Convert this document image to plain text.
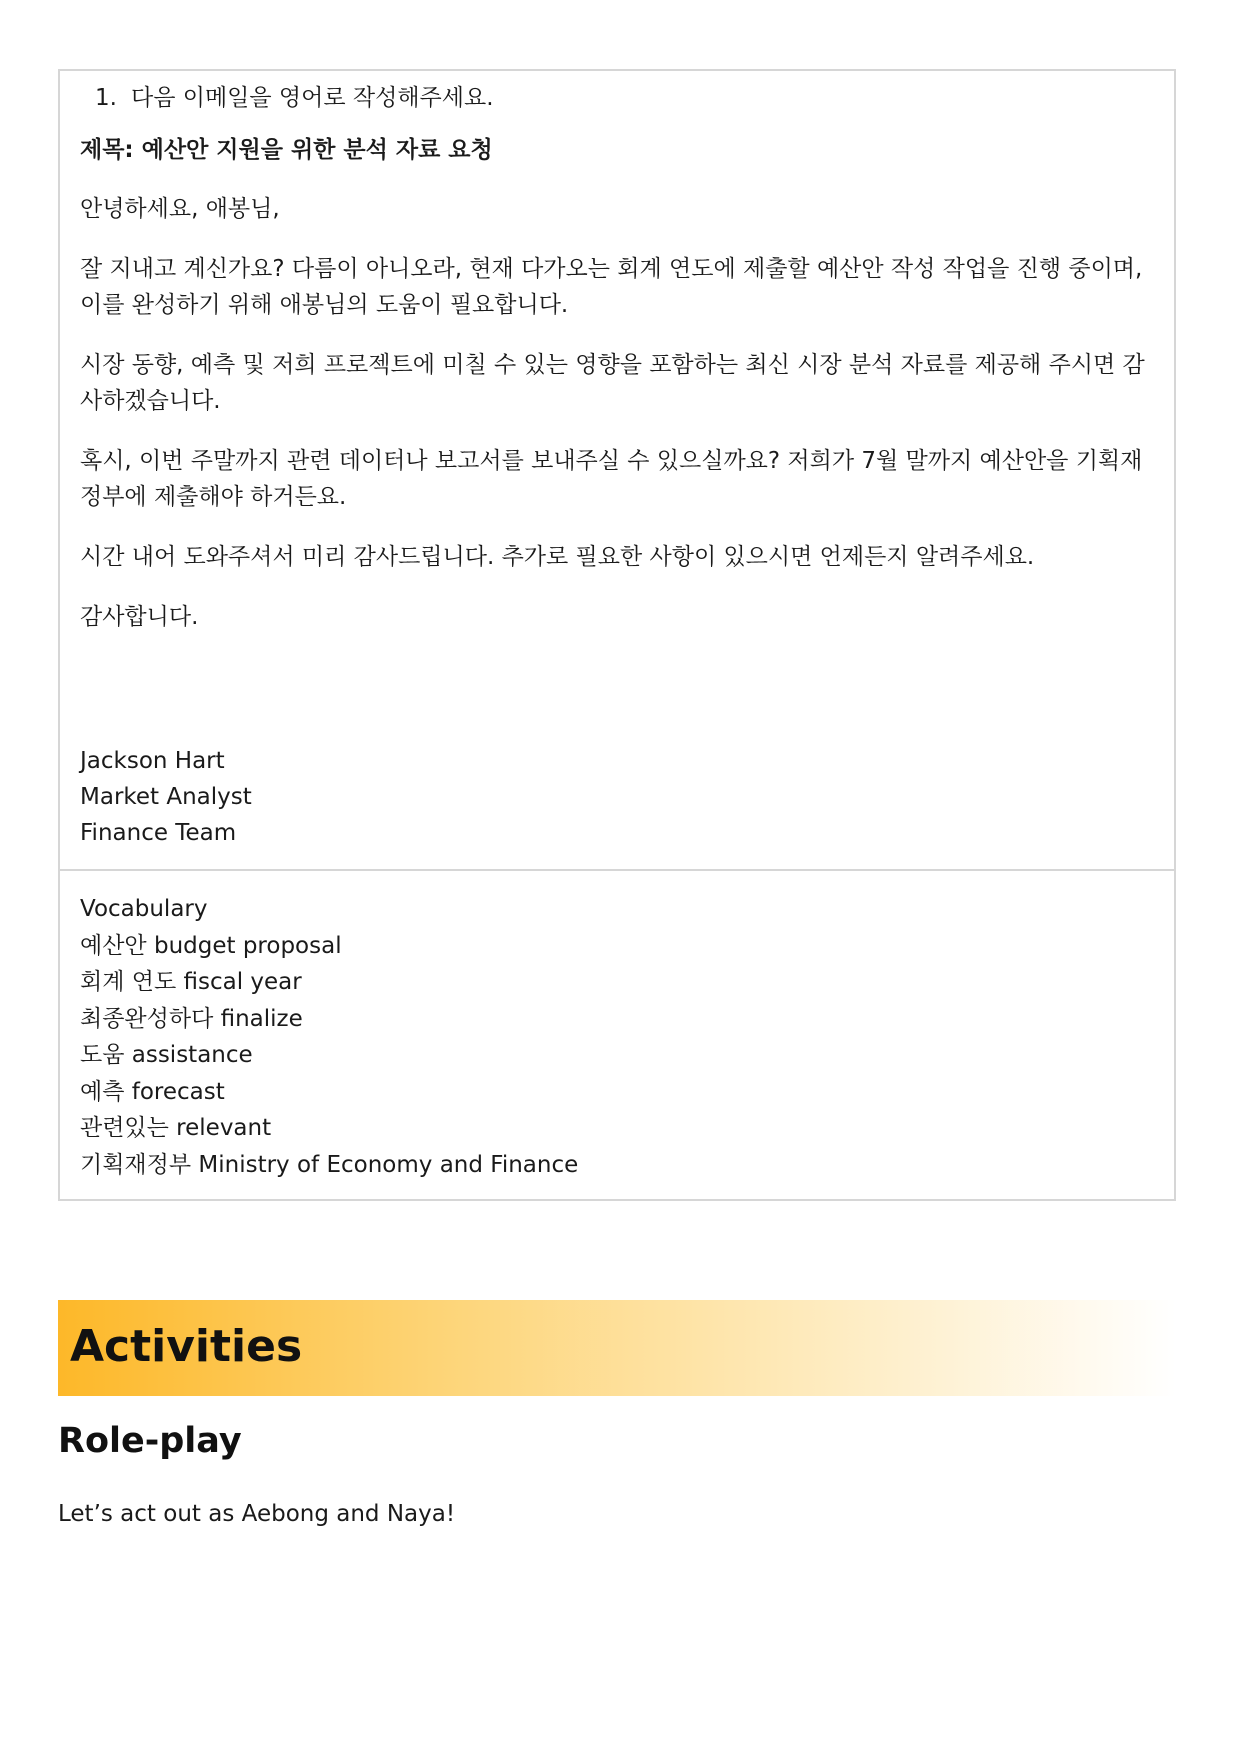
1. 다음 이메일을 영어로 작성해주세요.

제목: 예산안 지원을 위한 분석 자료 요청

안녕하세요, 애봉님,

잘 지내고 계신가요? 다름이 아니오라, 현재 다가오는 회계 연도에 제출할 예산안 작성 작업을 진행 중이며, 이를 완성하기 위해 애봉님의 도움이 필요합니다.

시장 동향, 예측 및 저희 프로젝트에 미칠 수 있는 영향을 포함하는 최신 시장 분석 자료를 제공해 주시면 감사하겠습니다.

혹시, 이번 주말까지 관련 데이터나 보고서를 보내주실 수 있으실까요? 저희가 7월 말까지 예산안을 기획재정부에 제출해야 하거든요.

시간 내어 도와주셔서 미리 감사드립니다. 추가로 필요한 사항이 있으시면 언제든지 알려주세요.

감사합니다.

Jackson Hart

Market Analyst

Finance Team

Vocabulary

예산안 budget proposal

회계 연도 fiscal year

최종완성하다 finalize

도움 assistance

예측 forecast

관련있는 relevant

기획재정부 Ministry of Economy and Finance

Activities
Role-play

Let’s act out as Aebong and Naya!
